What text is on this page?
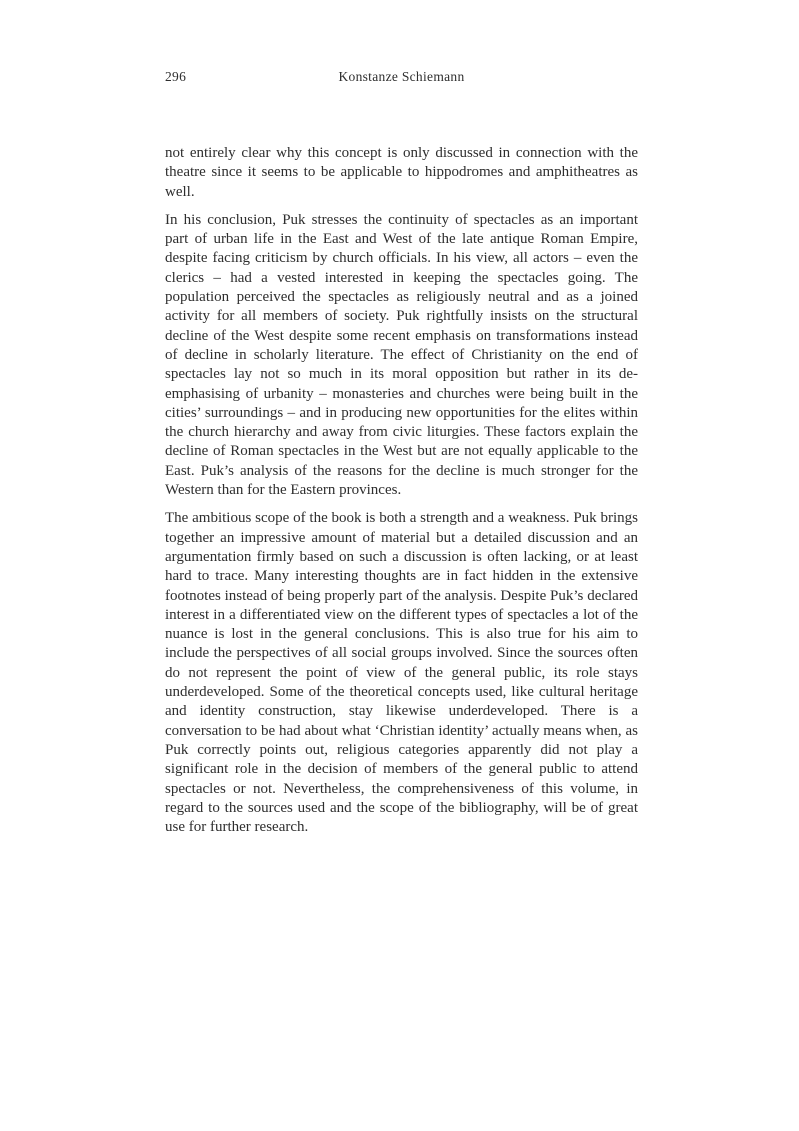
296	Konstanze Schiemann

not entirely clear why this concept is only discussed in connection with the theatre since it seems to be applicable to hippodromes and amphitheatres as well.

In his conclusion, Puk stresses the continuity of spectacles as an important part of urban life in the East and West of the late antique Roman Empire, despite facing criticism by church officials. In his view, all actors – even the clerics – had a vested interested in keeping the spectacles going. The population perceived the spectacles as religiously neutral and as a joined activity for all members of society. Puk rightfully insists on the structural decline of the West despite some recent emphasis on transformations instead of decline in scholarly literature. The effect of Christianity on the end of spectacles lay not so much in its moral opposition but rather in its de-emphasising of urbanity – monasteries and churches were being built in the cities’ surroundings – and in producing new opportunities for the elites within the church hierarchy and away from civic liturgies. These factors explain the decline of Roman spectacles in the West but are not equally applicable to the East. Puk’s analysis of the reasons for the decline is much stronger for the Western than for the Eastern provinces.

The ambitious scope of the book is both a strength and a weakness. Puk brings together an impressive amount of material but a detailed discussion and an argumentation firmly based on such a discussion is often lacking, or at least hard to trace. Many interesting thoughts are in fact hidden in the extensive footnotes instead of being properly part of the analysis. Despite Puk’s declared interest in a differentiated view on the different types of spectacles a lot of the nuance is lost in the general conclusions. This is also true for his aim to include the perspectives of all social groups involved. Since the sources often do not represent the point of view of the general public, its role stays underdeveloped. Some of the theoretical concepts used, like cultural heritage and identity construction, stay likewise underdeveloped. There is a conversation to be had about what ‘Christian identity’ actually means when, as Puk correctly points out, religious categories apparently did not play a significant role in the decision of members of the general public to attend spectacles or not. Nevertheless, the comprehensiveness of this volume, in regard to the sources used and the scope of the bibliography, will be of great use for further research.
